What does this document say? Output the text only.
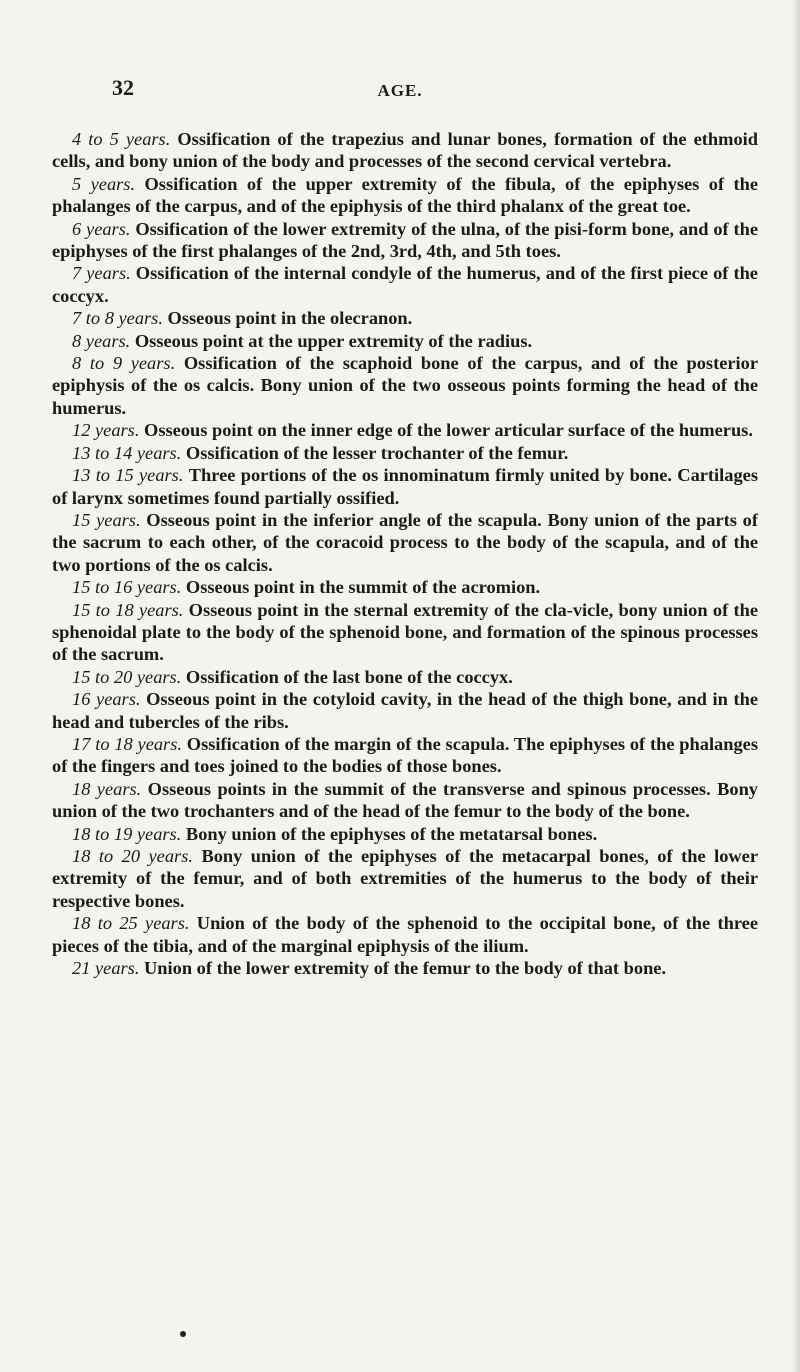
32	AGE.

4 to 5 years. Ossification of the trapezius and lunar bones, formation of the ethmoid cells, and bony union of the body and processes of the second cervical vertebra.

5 years. Ossification of the upper extremity of the fibula, of the epiphyses of the phalanges of the carpus, and of the epiphysis of the third phalanx of the great toe.

6 years. Ossification of the lower extremity of the ulna, of the pisi-form bone, and of the epiphyses of the first phalanges of the 2nd, 3rd, 4th, and 5th toes.

7 years. Ossification of the internal condyle of the humerus, and of the first piece of the coccyx.

7 to 8 years. Osseous point in the olecranon.

8 years. Osseous point at the upper extremity of the radius.

8 to 9 years. Ossification of the scaphoid bone of the carpus, and of the posterior epiphysis of the os calcis. Bony union of the two osseous points forming the head of the humerus.

12 years. Osseous point on the inner edge of the lower articular surface of the humerus.

13 to 14 years. Ossification of the lesser trochanter of the femur.

13 to 15 years. Three portions of the os innominatum firmly united by bone. Cartilages of larynx sometimes found partially ossified.

15 years. Osseous point in the inferior angle of the scapula. Bony union of the parts of the sacrum to each other, of the coracoid process to the body of the scapula, and of the two portions of the os calcis.

15 to 16 years. Osseous point in the summit of the acromion.

15 to 18 years. Osseous point in the sternal extremity of the cla-vicle, bony union of the sphenoidal plate to the body of the sphenoid bone, and formation of the spinous processes of the sacrum.

15 to 20 years. Ossification of the last bone of the coccyx.

16 years. Osseous point in the cotyloid cavity, in the head of the thigh bone, and in the head and tubercles of the ribs.

17 to 18 years. Ossification of the margin of the scapula. The epiphyses of the phalanges of the fingers and toes joined to the bodies of those bones.

18 years. Osseous points in the summit of the transverse and spinous processes. Bony union of the two trochanters and of the head of the femur to the body of the bone.

18 to 19 years. Bony union of the epiphyses of the metatarsal bones.

18 to 20 years. Bony union of the epiphyses of the metacarpal bones, of the lower extremity of the femur, and of both extremities of the humerus to the body of their respective bones.

18 to 25 years. Union of the body of the sphenoid to the occipital bone, of the three pieces of the tibia, and of the marginal epiphysis of the ilium.

21 years. Union of the lower extremity of the femur to the body of that bone.
